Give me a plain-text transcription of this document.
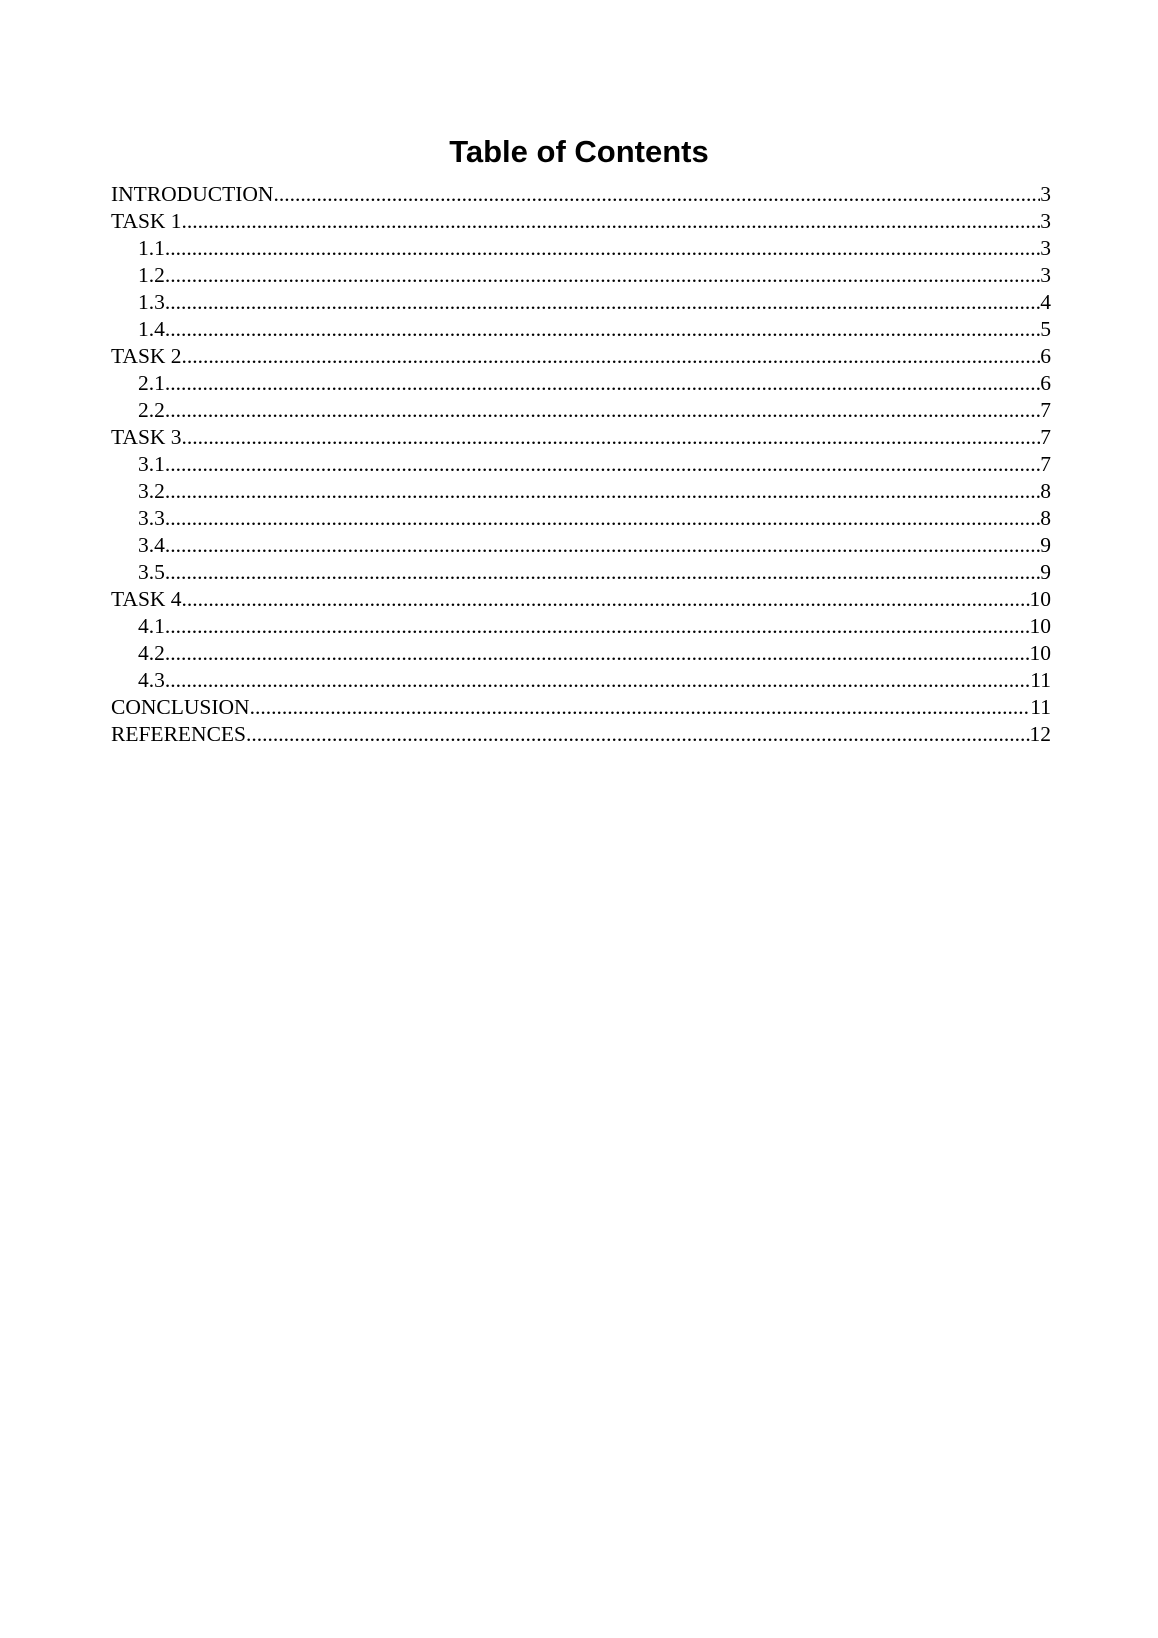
Table of Contents
INTRODUCTION .....	3
TASK 1 .....	3
1.1 .....	3
1.2 .....	3
1.3 .....	4
1.4 .....	5
TASK 2 .....	6
2.1 .....	6
2.2 .....	7
TASK 3 .....	7
3.1 .....	7
3.2 .....	8
3.3 .....	8
3.4 .....	9
3.5 .....	9
TASK 4 .....	10
4.1 .....	10
4.2 .....	10
4.3 .....	11
CONCLUSION .....	11
REFERENCES .....	12
